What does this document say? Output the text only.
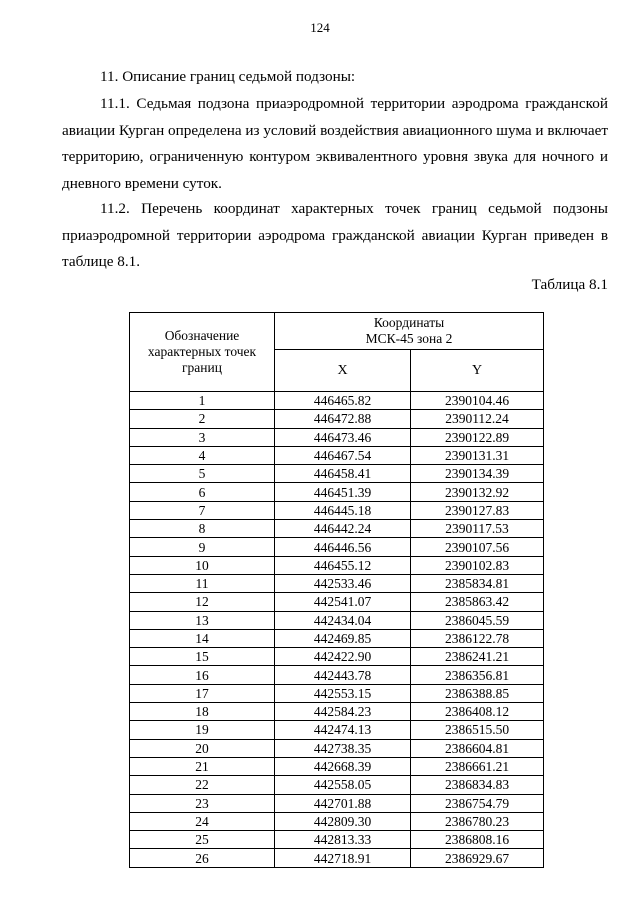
124

11. Описание границ седьмой подзоны:

11.1. Седьмая подзона приаэродромной территории аэродрома гражданской авиации Курган определена из условий воздействия авиационного шума и включает территорию, ограниченную контуром эквивалентного уровня звука для ночного и дневного времени суток.

11.2. Перечень координат характерных точек границ седьмой подзоны приаэродромной территории аэродрома гражданской авиации Курган приведен в таблице 8.1.

Таблица 8.1
Обозначение характерных точек границ	Координаты
МСК-45 зона 2	
	X	Y
1	446465.82	2390104.46
2	446472.88	2390112.24
3	446473.46	2390122.89
4	446467.54	2390131.31
5	446458.41	2390134.39
6	446451.39	2390132.92
7	446445.18	2390127.83
8	446442.24	2390117.53
9	446446.56	2390107.56
10	446455.12	2390102.83
11	442533.46	2385834.81
12	442541.07	2385863.42
13	442434.04	2386045.59
14	442469.85	2386122.78
15	442422.90	2386241.21
16	442443.78	2386356.81
17	442553.15	2386388.85
18	442584.23	2386408.12
19	442474.13	2386515.50
20	442738.35	2386604.81
21	442668.39	2386661.21
22	442558.05	2386834.83
23	442701.88	2386754.79
24	442809.30	2386780.23
25	442813.33	2386808.16
26	442718.91	2386929.67
